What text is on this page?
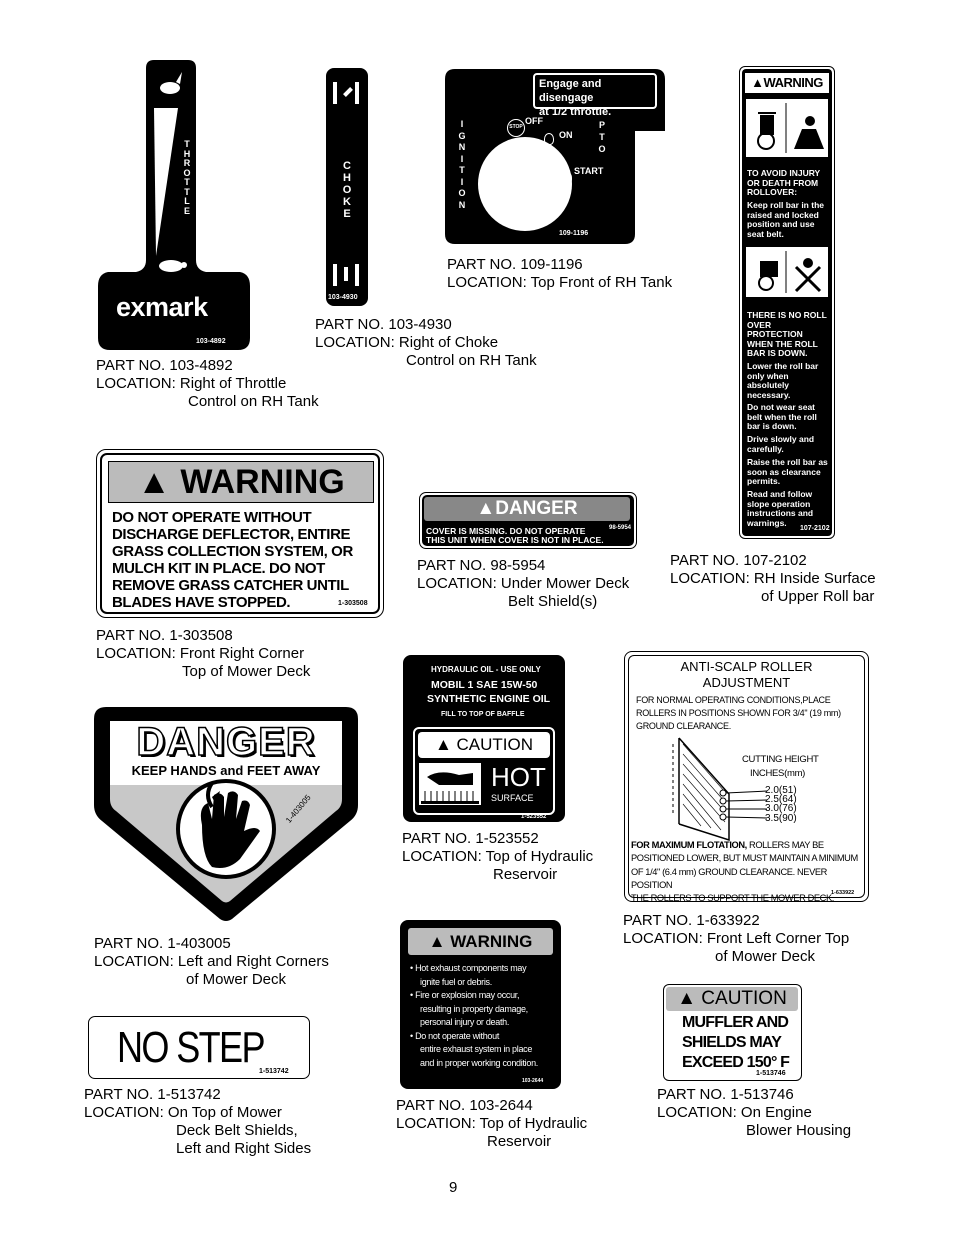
T
H
R
O
T
T
L
E
exmark
103-4892
PART NO. 103-4892
LOCATION: Right of Throttle
Control on RH Tank
C
H
O
K
E
103-4930
PART NO. 103-4930
LOCATION: Right of Choke
Control on RH Tank
Engage and disengage
at 1/2 throttle.
I
G
N
I
T
I
O
N
P
T
O
STOP
OFF
ON
START
109-1196
PART NO. 109-1196
LOCATION: Top Front of RH Tank
▲WARNING
TO AVOID INJURY OR DEATH FROM ROLLOVER:
Keep roll bar in the raised and locked position and use seat belt.
THERE IS NO ROLL OVER PROTECTION WHEN THE ROLL BAR IS DOWN.
Lower the roll bar only when absolutely necessary.
Do not wear seat belt when the roll bar is down.
Drive slowly and carefully.
Raise the roll bar as soon as clearance permits.
Read and follow slope operation instructions and warnings.
107-2102
PART NO. 107-2102
LOCATION: RH Inside Surface
of Upper Roll bar
▲ WARNING
DO NOT OPERATE WITHOUT
DISCHARGE DEFLECTOR, ENTIRE
GRASS COLLECTION SYSTEM, OR
MULCH KIT IN PLACE. DO NOT
REMOVE GRASS CATCHER UNTIL
BLADES HAVE STOPPED.	1-303508
PART NO. 1-303508
LOCATION: Front Right Corner
Top of Mower Deck
▲DANGER
COVER IS MISSING. DO NOT OPERATE	98-5954
THIS UNIT WHEN COVER IS NOT IN PLACE.
PART NO. 98-5954
LOCATION: Under Mower Deck
Belt Shield(s)
DANGER
KEEP HANDS and FEET AWAY
1-403005
PART NO. 1-403005
LOCATION: Left and Right Corners
of Mower Deck
HYDRAULIC OIL - USE ONLY
MOBIL 1 SAE 15W-50
SYNTHETIC ENGINE OIL
FILL TO TOP OF BAFFLE
▲ CAUTION
HOT
SURFACE
1-523552
PART NO. 1-523552
LOCATION: Top of Hydraulic
Reservoir
ANTI-SCALP ROLLER
ADJUSTMENT
FOR NORMAL OPERATING CONDITIONS,PLACE
ROLLERS IN POSITIONS SHOWN FOR 3/4" (19 mm)
GROUND CLEARANCE.
CUTTING HEIGHT
INCHES(mm)
2.0(51)
2.5(64)
3.0(76)
3.5(90)
FOR MAXIMUM FLOTATION, ROLLERS MAY BE
POSITIONED LOWER, BUT MUST MAINTAIN A MINIMUM
OF 1/4" (6.4 mm) GROUND CLEARANCE. NEVER POSITION
THE ROLLERS TO SUPPORT THE MOWER DECK.
1-633922
PART NO. 1-633922
LOCATION: Front Left Corner Top
of Mower Deck
NO STEP
1-513742
PART NO. 1-513742
LOCATION: On Top of Mower
Deck Belt Shields,
Left and Right Sides
▲ WARNING
• Hot exhaust components may
ignite fuel or debris.
• Fire or explosion may occur,
resulting in property damage,
personal injury or death.
• Do not operate without
entire exhaust system in place
and in proper working condition.
103-2644
PART NO. 103-2644
LOCATION: Top of Hydraulic
Reservoir
▲ CAUTION
MUFFLER AND
SHIELDS MAY
EXCEED 150° F
1-513746
PART NO. 1-513746
LOCATION: On Engine
Blower Housing
9
